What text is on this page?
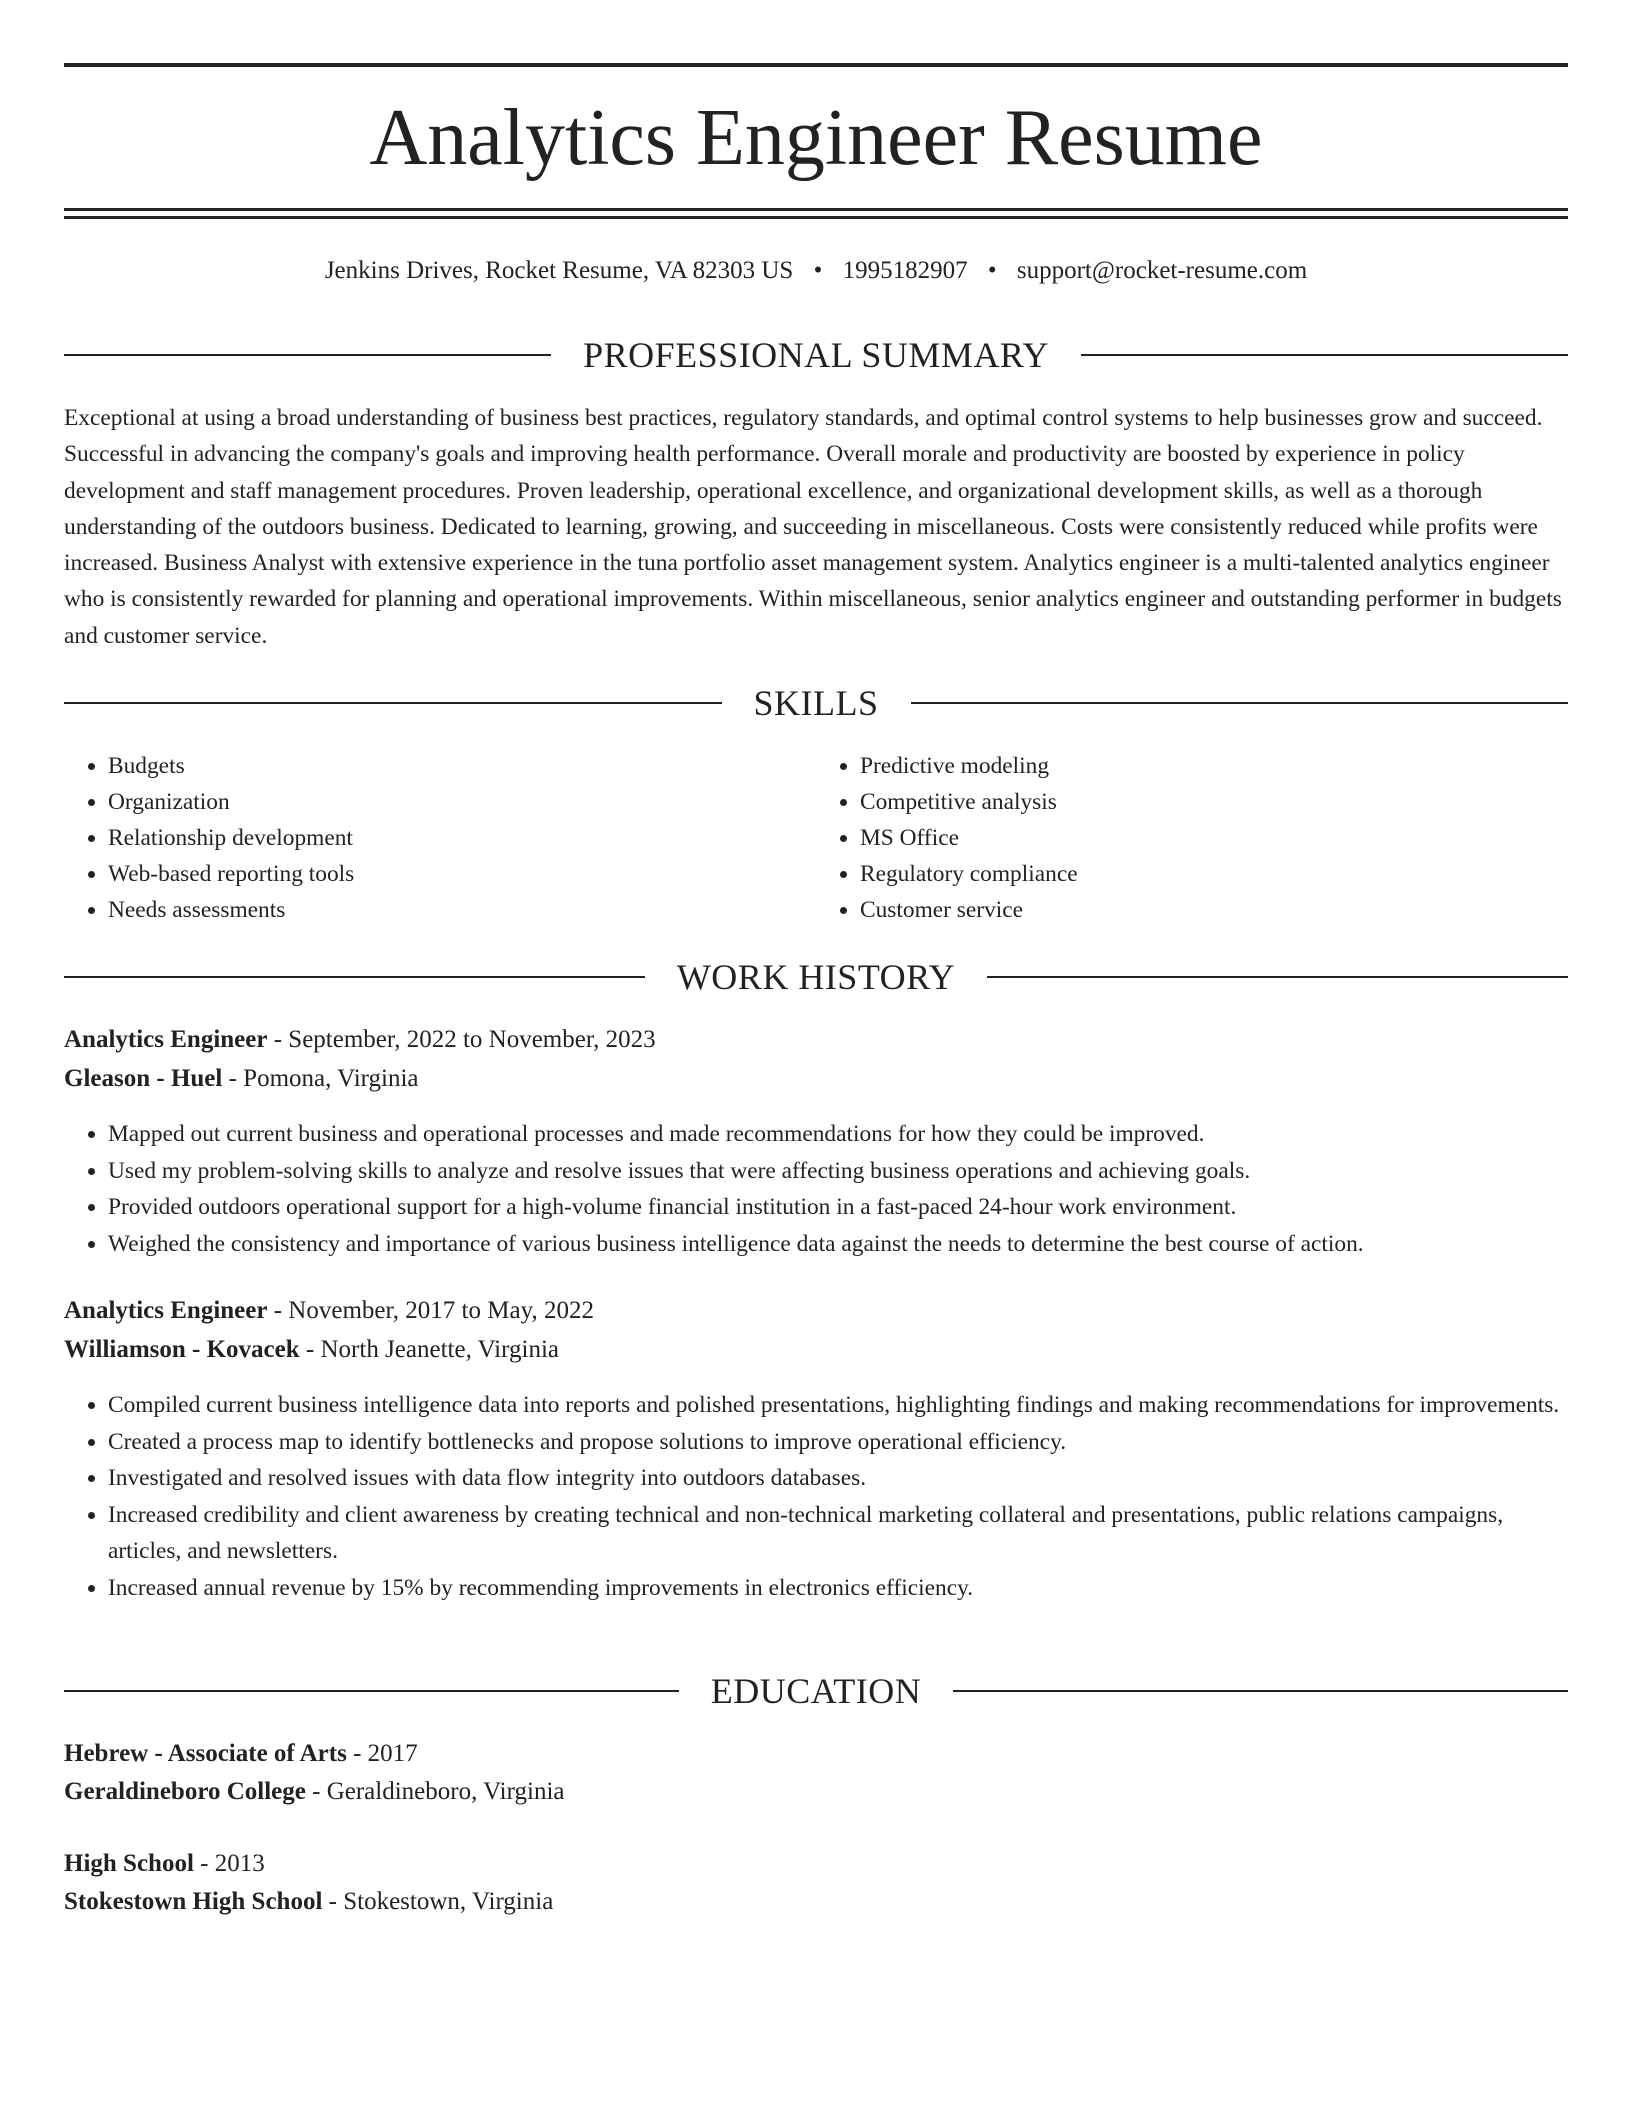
Analytics Engineer Resume
Jenkins Drives, Rocket Resume, VA 82303 US • 1995182907 • support@rocket-resume.com
PROFESSIONAL SUMMARY

Exceptional at using a broad understanding of business best practices, regulatory standards, and optimal control systems to help businesses grow and succeed. Successful in advancing the company's goals and improving health performance. Overall morale and productivity are boosted by experience in policy development and staff management procedures. Proven leadership, operational excellence, and organizational development skills, as well as a thorough understanding of the outdoors business. Dedicated to learning, growing, and succeeding in miscellaneous. Costs were consistently reduced while profits were increased. Business Analyst with extensive experience in the tuna portfolio asset management system. Analytics engineer is a multi-talented analytics engineer who is consistently rewarded for planning and operational improvements. Within miscellaneous, senior analytics engineer and outstanding performer in budgets and customer service.

SKILLS
• Budgets
• Organization
• Relationship development
• Web-based reporting tools
• Needs assessments
• Predictive modeling
• Competitive analysis
• MS Office
• Regulatory compliance
• Customer service
WORK HISTORY
Analytics Engineer - September, 2022 to November, 2023
Gleason - Huel - Pomona, Virginia
• Mapped out current business and operational processes and made recommendations for how they could be improved.
• Used my problem-solving skills to analyze and resolve issues that were affecting business operations and achieving goals.
• Provided outdoors operational support for a high-volume financial institution in a fast-paced 24-hour work environment.
• Weighed the consistency and importance of various business intelligence data against the needs to determine the best course of action.
Analytics Engineer - November, 2017 to May, 2022
Williamson - Kovacek - North Jeanette, Virginia
• Compiled current business intelligence data into reports and polished presentations, highlighting findings and making recommendations for improvements.
• Created a process map to identify bottlenecks and propose solutions to improve operational efficiency.
• Investigated and resolved issues with data flow integrity into outdoors databases.
• Increased credibility and client awareness by creating technical and non-technical marketing collateral and presentations, public relations campaigns, articles, and newsletters.
• Increased annual revenue by 15% by recommending improvements in electronics efficiency.
EDUCATION
Hebrew - Associate of Arts - 2017
Geraldineboro College - Geraldineboro, Virginia
High School - 2013
Stokestown High School - Stokestown, Virginia
